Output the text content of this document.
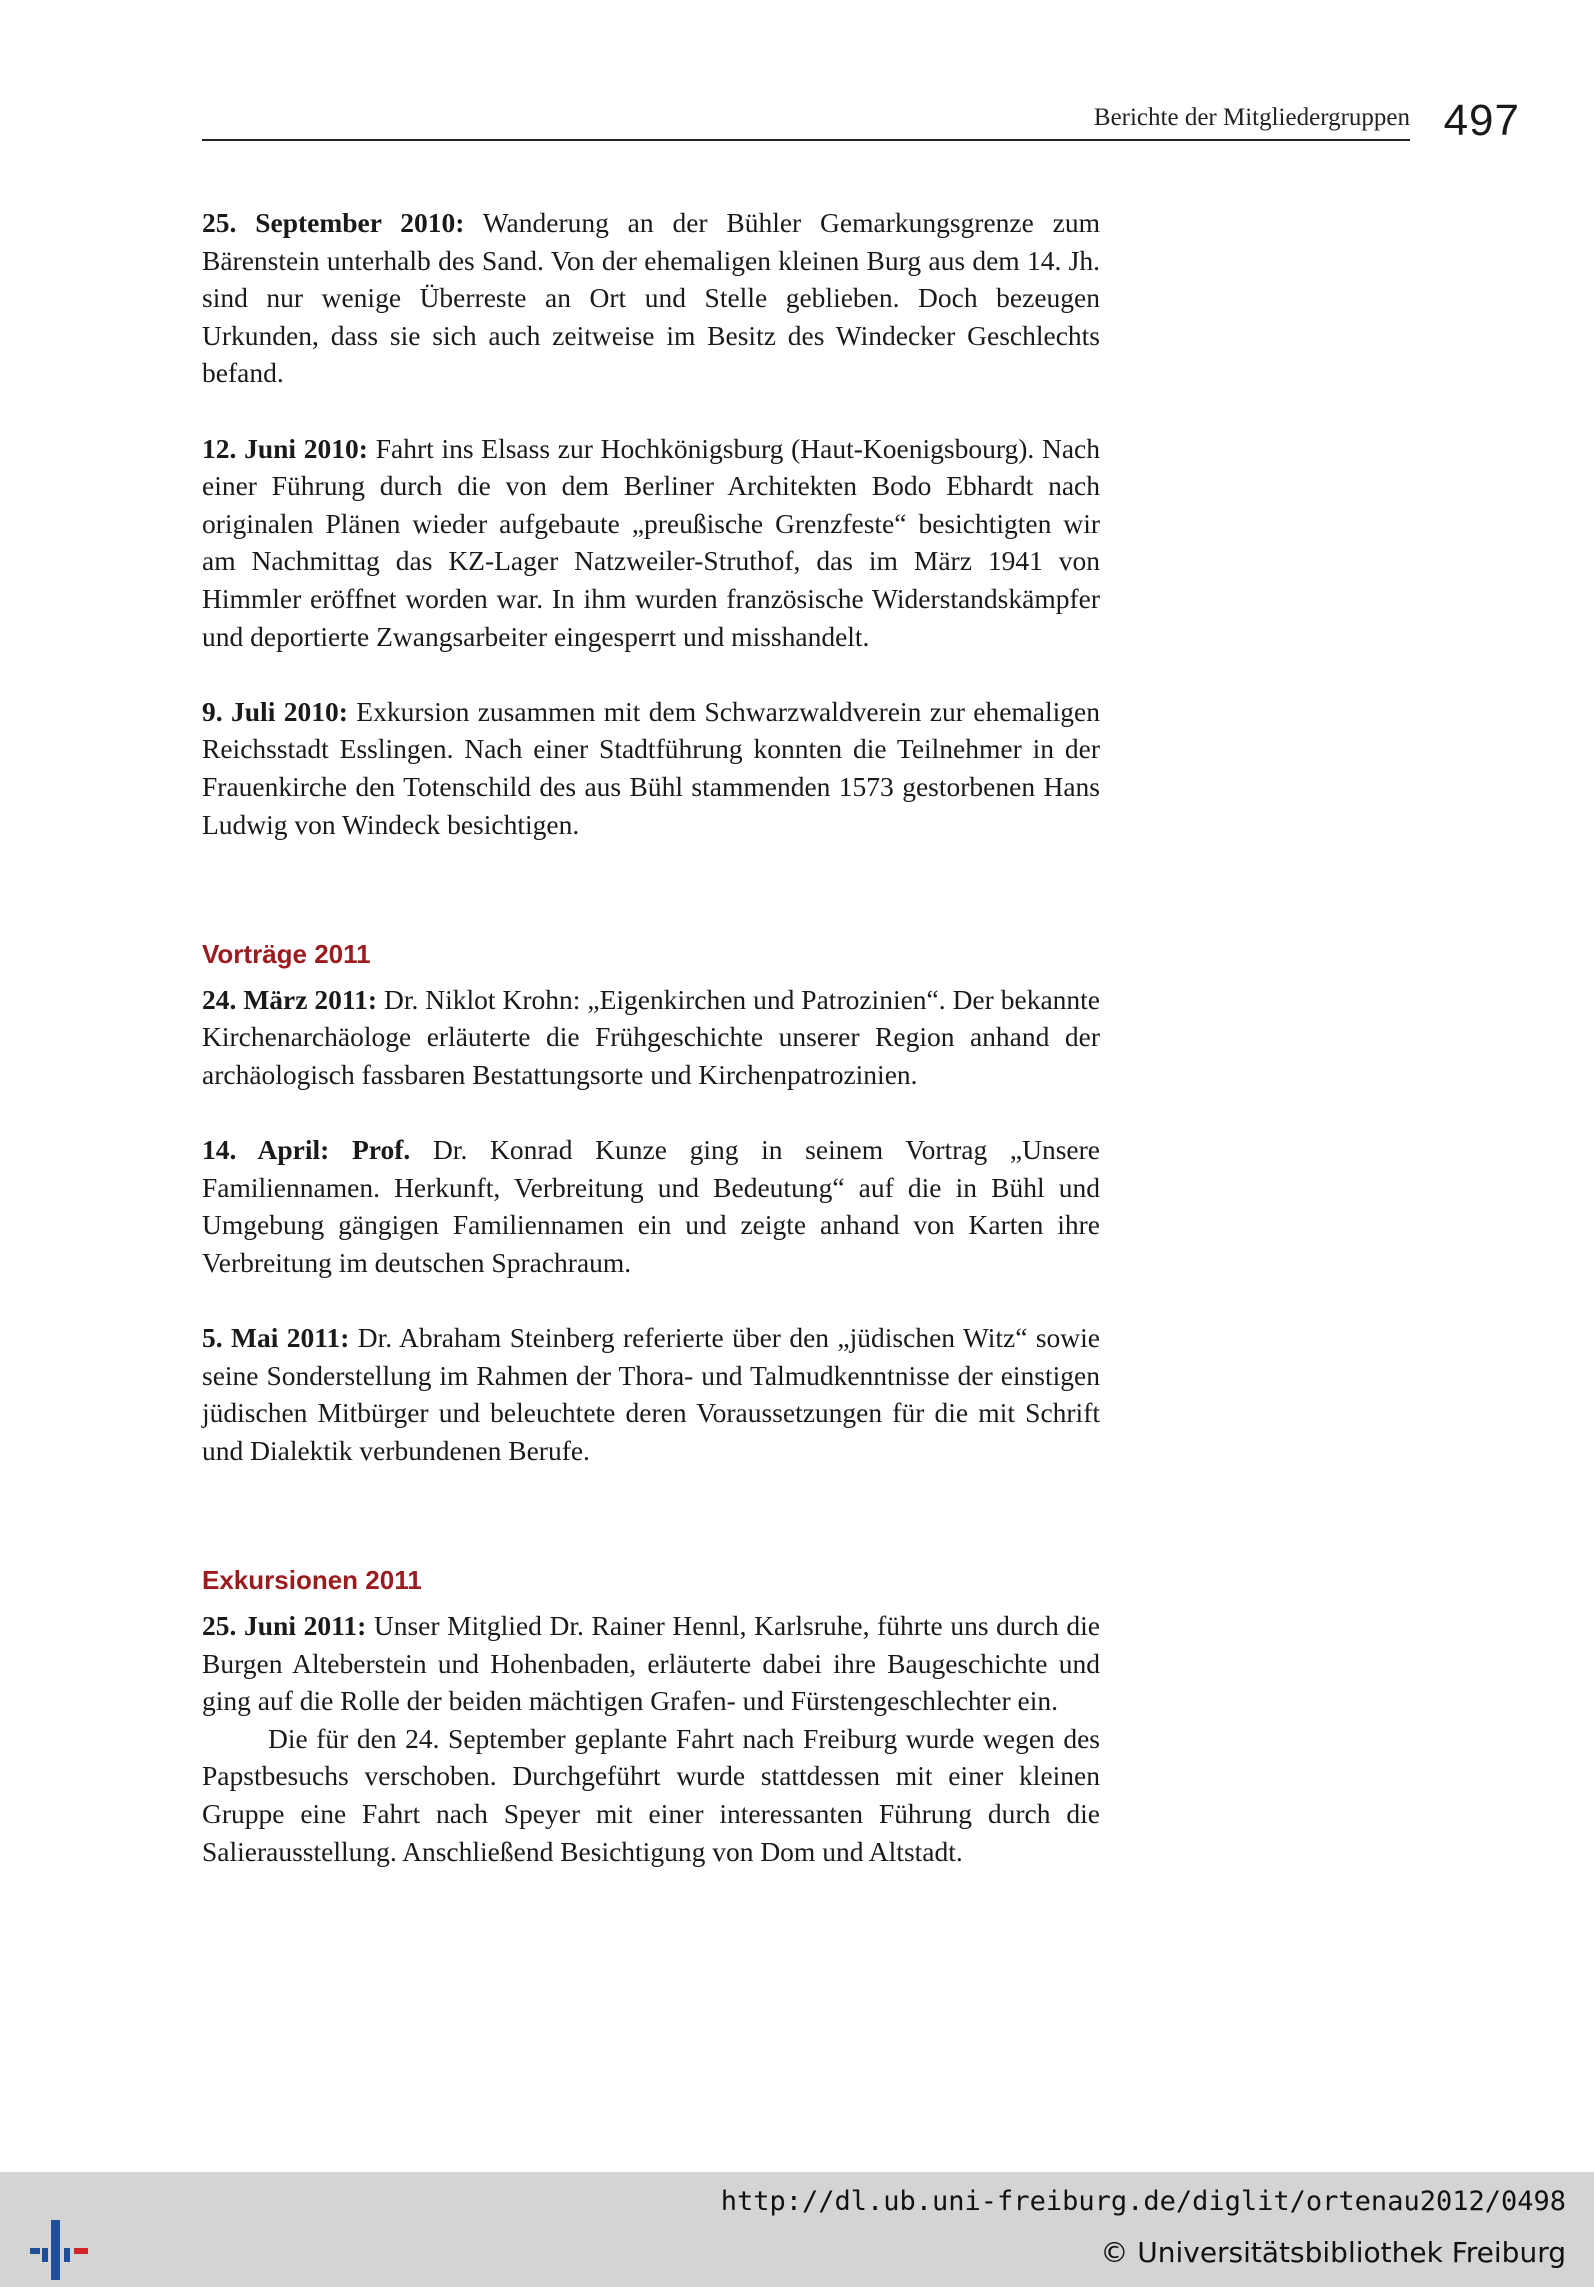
Berichte der Mitgliedergruppen 497

25. September 2010: Wanderung an der Bühler Gemarkungsgrenze zum Bärenstein unterhalb des Sand. Von der ehemaligen kleinen Burg aus dem 14. Jh. sind nur wenige Überreste an Ort und Stelle geblieben. Doch bezeugen Urkunden, dass sie sich auch zeitweise im Besitz des Windecker Geschlechts befand.

12. Juni 2010: Fahrt ins Elsass zur Hochkönigsburg (Haut-Koenigsbourg). Nach einer Führung durch die von dem Berliner Architekten Bodo Ebhardt nach originalen Plänen wieder aufgebaute „preußische Grenzfeste“ besichtigten wir am Nachmittag das KZ-Lager Natzweiler-Struthof, das im März 1941 von Himmler eröffnet worden war. In ihm wurden französische Widerstandskämpfer und deportierte Zwangsarbeiter eingesperrt und misshandelt.

9. Juli 2010: Exkursion zusammen mit dem Schwarzwaldverein zur ehemaligen Reichsstadt Esslingen. Nach einer Stadtführung konnten die Teilnehmer in der Frauenkirche den Totenschild des aus Bühl stammenden 1573 gestorbenen Hans Ludwig von Windeck besichtigen.

Vorträge 2011

24. März 2011: Dr. Niklot Krohn: „Eigenkirchen und Patrozinien“. Der bekannte Kirchenarchäologe erläuterte die Frühgeschichte unserer Region anhand der archäologisch fassbaren Bestattungsorte und Kirchenpatrozinien.

14. April: Prof. Dr. Konrad Kunze ging in seinem Vortrag „Unsere Familiennamen. Herkunft, Verbreitung und Bedeutung“ auf die in Bühl und Umgebung gängigen Familiennamen ein und zeigte anhand von Karten ihre Verbreitung im deutschen Sprachraum.

5. Mai 2011: Dr. Abraham Steinberg referierte über den „jüdischen Witz“ sowie seine Sonderstellung im Rahmen der Thora- und Talmudkenntnisse der einstigen jüdischen Mitbürger und beleuchtete deren Voraussetzungen für die mit Schrift und Dialektik verbundenen Berufe.

Exkursionen 2011

25. Juni 2011: Unser Mitglied Dr. Rainer Hennl, Karlsruhe, führte uns durch die Burgen Alteberstein und Hohenbaden, erläuterte dabei ihre Baugeschichte und ging auf die Rolle der beiden mächtigen Grafen- und Fürstengeschlechter ein.

Die für den 24. September geplante Fahrt nach Freiburg wurde wegen des Papstbesuchs verschoben. Durchgeführt wurde stattdessen mit einer kleinen Gruppe eine Fahrt nach Speyer mit einer interessanten Führung durch die Salierausstellung. Anschließend Besichtigung von Dom und Altstadt.

http://dl.ub.uni-freiburg.de/diglit/ortenau2012/0498
© Universitätsbibliothek Freiburg
